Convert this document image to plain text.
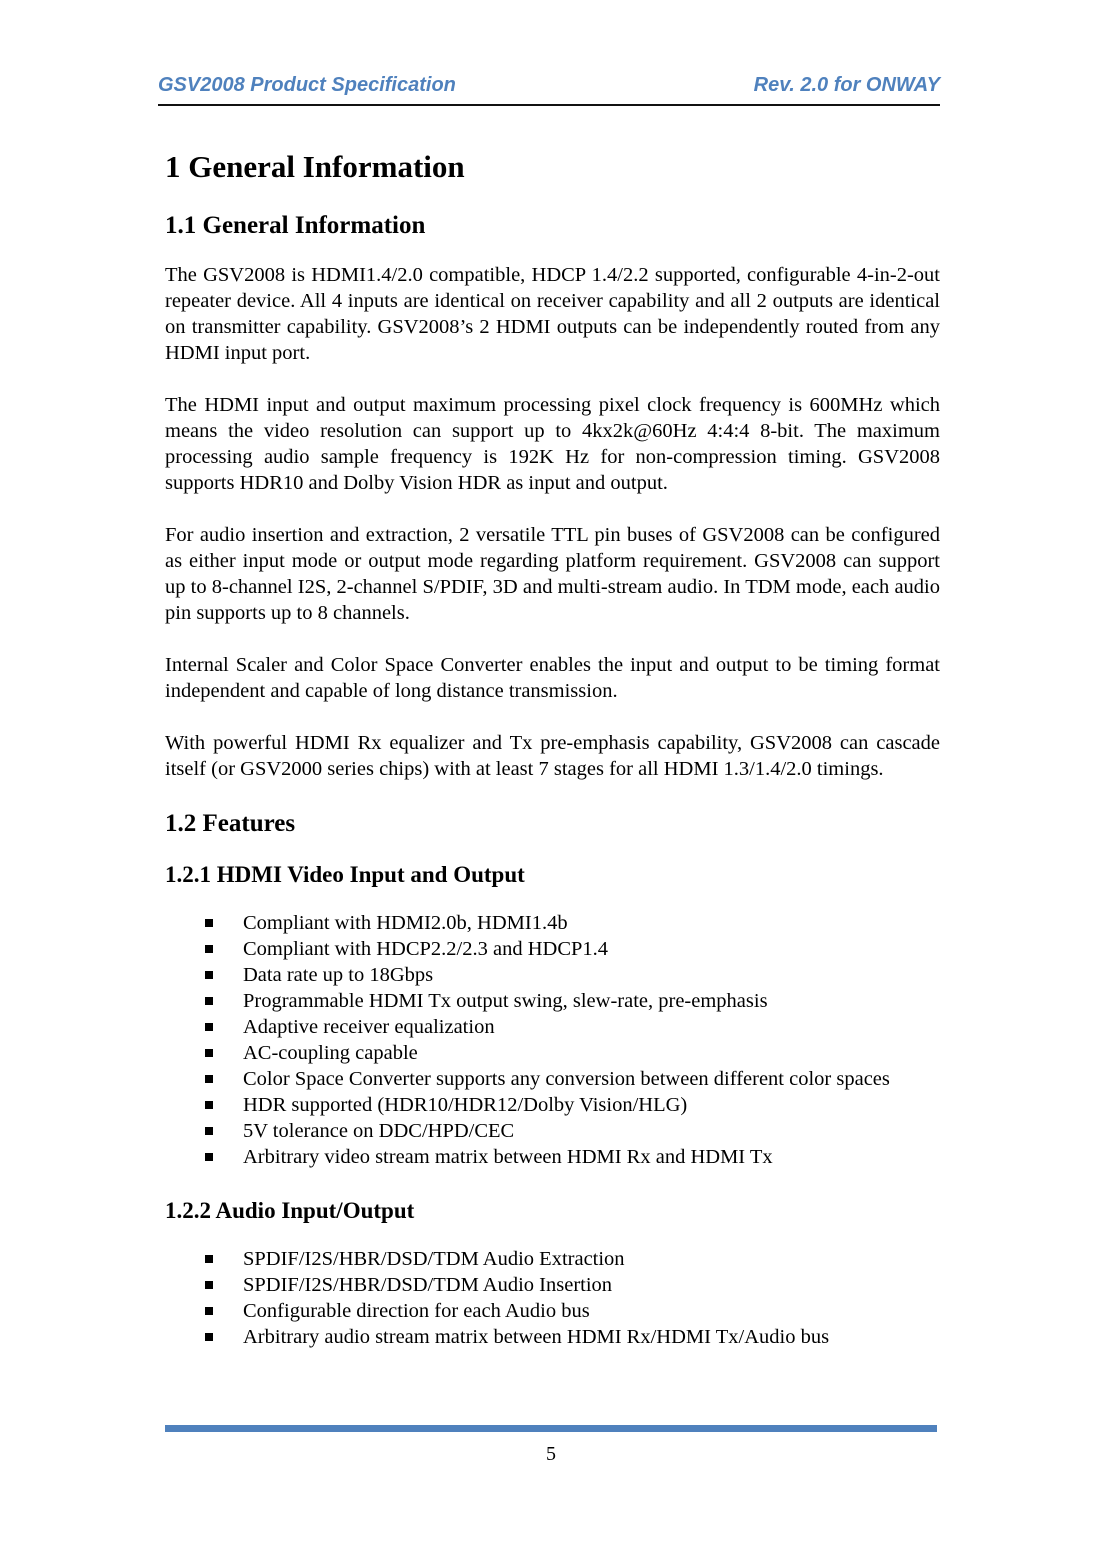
GSV2008 Product Specification	Rev. 2.0 for ONWAY
1 General Information
1.1 General Information

The GSV2008 is HDMI1.4/2.0 compatible, HDCP 1.4/2.2 supported, configurable 4-in-2-out repeater device. All 4 inputs are identical on receiver capability and all 2 outputs are identical on transmitter capability. GSV2008’s 2 HDMI outputs can be independently routed from any HDMI input port.

The HDMI input and output maximum processing pixel clock frequency is 600MHz which means the video resolution can support up to 4kx2k@60Hz 4:4:4 8-bit. The maximum processing audio sample frequency is 192K Hz for non-compression timing. GSV2008 supports HDR10 and Dolby Vision HDR as input and output.

For audio insertion and extraction, 2 versatile TTL pin buses of GSV2008 can be configured as either input mode or output mode regarding platform requirement. GSV2008 can support up to 8-channel I2S, 2-channel S/PDIF, 3D and multi-stream audio. In TDM mode, each audio pin supports up to 8 channels.

Internal Scaler and Color Space Converter enables the input and output to be timing format independent and capable of long distance transmission.

With powerful HDMI Rx equalizer and Tx pre-emphasis capability, GSV2008 can cascade itself (or GSV2000 series chips) with at least 7 stages for all HDMI 1.3/1.4/2.0 timings.

1.2 Features
1.2.1 HDMI Video Input and Output
Compliant with HDMI2.0b, HDMI1.4b
Compliant with HDCP2.2/2.3 and HDCP1.4
Data rate up to 18Gbps
Programmable HDMI Tx output swing, slew-rate, pre-emphasis
Adaptive receiver equalization
AC-coupling capable
Color Space Converter supports any conversion between different color spaces
HDR supported (HDR10/HDR12/Dolby Vision/HLG)
5V tolerance on DDC/HPD/CEC
Arbitrary video stream matrix between HDMI Rx and HDMI Tx
1.2.2 Audio Input/Output
SPDIF/I2S/HBR/DSD/TDM Audio Extraction
SPDIF/I2S/HBR/DSD/TDM Audio Insertion
Configurable direction for each Audio bus
Arbitrary audio stream matrix between HDMI Rx/HDMI Tx/Audio bus
5
